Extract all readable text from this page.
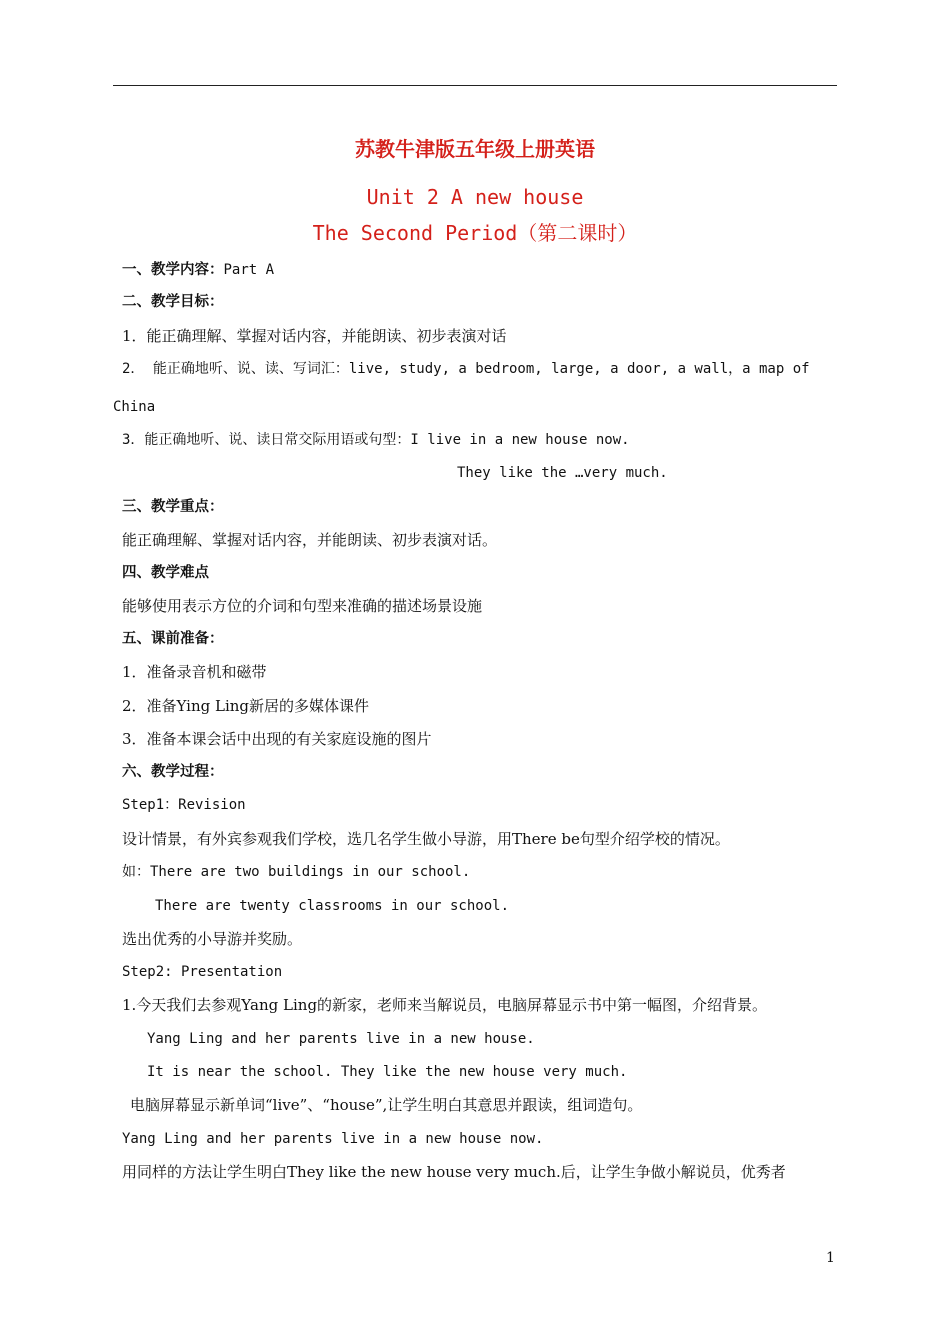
苏教牛津版五年级上册英语
Unit 2 A new house
The Second Period（第二课时）
一、教学内容：Part A
二、教学目标：
1．能正确理解、掌握对话内容，并能朗读、初步表演对话
2． 能正确地听、说、读、写词汇：live, study, a bedroom, large, a door, a wall，a map of
China
3．能正确地听、说、读日常交际用语或句型：I live in a new house now.
They like the …very much.
三、教学重点：
能正确理解、掌握对话内容，并能朗读、初步表演对话。
四、教学难点
能够使用表示方位的介词和句型来准确的描述场景设施
五、课前准备：
1．准备录音机和磁带
2．准备Ying Ling新居的多媒体课件
3．准备本课会话中出现的有关家庭设施的图片
六、教学过程：
Step1：Revision
设计情景，有外宾参观我们学校，选几名学生做小导游，用There be句型介绍学校的情况。
如：There are two buildings in our school.
There are twenty classrooms in our school.
选出优秀的小导游并奖励。
Step2: Presentation
1.今天我们去参观Yang Ling的新家，老师来当解说员，电脑屏幕显示书中第一幅图，介绍背景。
Yang Ling and her parents live in a new house.
It is near the school. They like the new house very much.
电脑屏幕显示新单词“live”、“house”,让学生明白其意思并跟读，组词造句。
Yang Ling and her parents live in a new house now.
用同样的方法让学生明白They like the new house very much.后，让学生争做小解说员，优秀者
1
